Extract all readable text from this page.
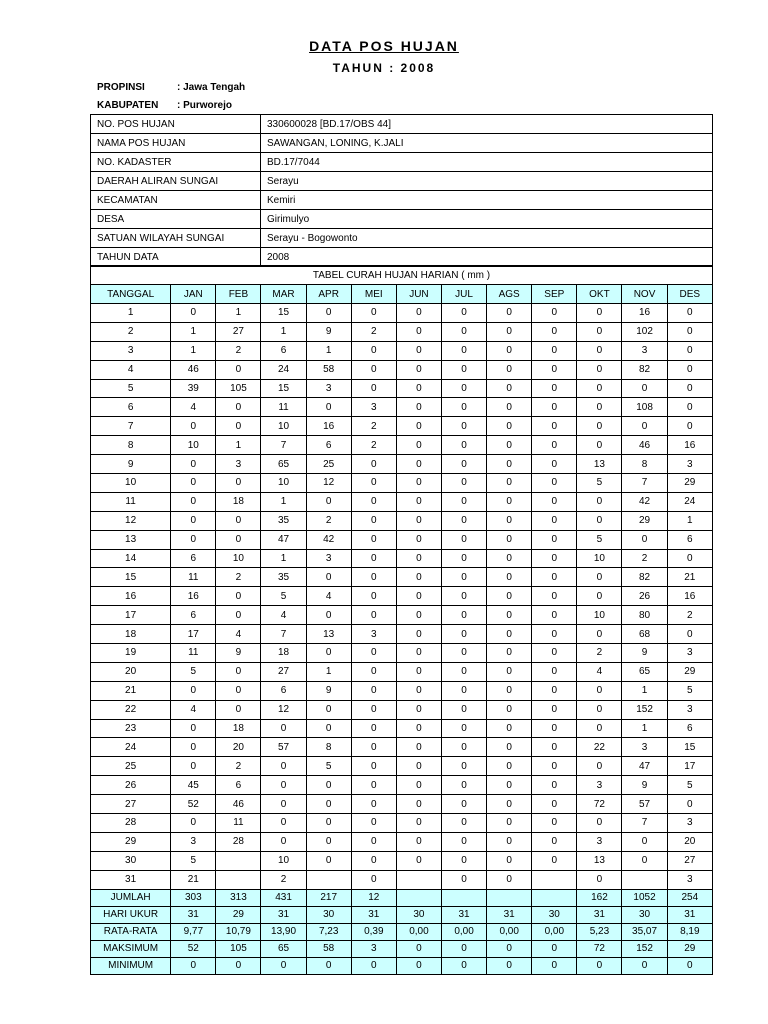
DATA POS HUJAN
TAHUN : 2008
PROPINSI	: Jawa Tengah
KABUPATEN : Purworejo
NO. POS HUJAN	330600028 [BD.17/OBS 44]
NAMA POS HUJAN	SAWANGAN, LONING, K.JALI
NO. KADASTER	BD.17/7044
DAERAH ALIRAN SUNGAI	Serayu
KECAMATAN	Kemiri
DESA	Girimulyo
SATUAN WILAYAH SUNGAI	Serayu - Bogowonto
TAHUN DATA	2008
TABEL CURAH HUJAN HARIAN ( mm )												
TANGGAL	JAN	FEB	MAR	APR	MEI	JUN	JUL	AGS	SEP	OKT	NOV	DES
1	0	1	15	0	0	0	0	0	0	0	16	0
2	1	27	1	9	2	0	0	0	0	0	102	0
3	1	2	6	1	0	0	0	0	0	0	3	0
4	46	0	24	58	0	0	0	0	0	0	82	0
5	39	105	15	3	0	0	0	0	0	0	0	0
6	4	0	11	0	3	0	0	0	0	0	108	0
7	0	0	10	16	2	0	0	0	0	0	0	0
8	10	1	7	6	2	0	0	0	0	0	46	16
9	0	3	65	25	0	0	0	0	0	13	8	3
10	0	0	10	12	0	0	0	0	0	5	7	29
11	0	18	1	0	0	0	0	0	0	0	42	24
12	0	0	35	2	0	0	0	0	0	0	29	1
13	0	0	47	42	0	0	0	0	0	5	0	6
14	6	10	1	3	0	0	0	0	0	10	2	0
15	11	2	35	0	0	0	0	0	0	0	82	21
16	16	0	5	4	0	0	0	0	0	0	26	16
17	6	0	4	0	0	0	0	0	0	10	80	2
18	17	4	7	13	3	0	0	0	0	0	68	0
19	11	9	18	0	0	0	0	0	0	2	9	3
20	5	0	27	1	0	0	0	0	0	4	65	29
21	0	0	6	9	0	0	0	0	0	0	1	5
22	4	0	12	0	0	0	0	0	0	0	152	3
23	0	18	0	0	0	0	0	0	0	0	1	6
24	0	20	57	8	0	0	0	0	0	22	3	15
25	0	2	0	5	0	0	0	0	0	0	47	17
26	45	6	0	0	0	0	0	0	0	3	9	5
27	52	46	0	0	0	0	0	0	0	72	57	0
28	0	11	0	0	0	0	0	0	0	0	7	3
29	3	28	0	0	0	0	0	0	0	3	0	20
30	5		10	0	0	0	0	0	0	13	0	27
31	21		2		0		0	0		0		3
JUMLAH	303	313	431	217	12					162	1052	254
HARI UKUR	31	29	31	30	31	30	31	31	30	31	30	31
RATA-RATA	9,77	10,79	13,90	7,23	0,39	0,00	0,00	0,00	0,00	5,23	35,07	8,19
MAKSIMUM	52	105	65	58	3	0	0	0	0	72	152	29
MINIMUM	0	0	0	0	0	0	0	0	0	0	0	0
